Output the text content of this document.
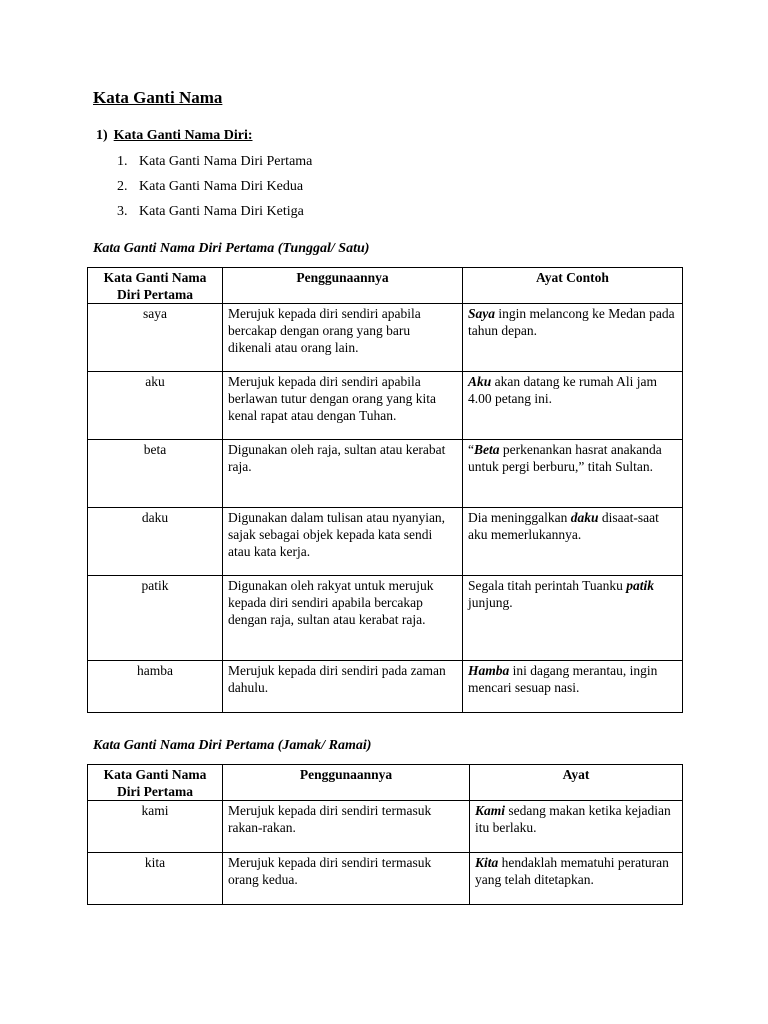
Kata Ganti Nama
1) Kata Ganti Nama Diri:
1. Kata Ganti Nama Diri Pertama
2. Kata Ganti Nama Diri Kedua
3. Kata Ganti Nama Diri Ketiga
Kata Ganti Nama Diri Pertama (Tunggal/ Satu)
Kata Ganti Nama Diri Pertama	Penggunaannya	Ayat Contoh
saya	Merujuk kepada diri sendiri apabila bercakap dengan orang yang baru dikenali atau orang lain.	Saya ingin melancong ke Medan pada tahun depan.
aku	Merujuk kepada diri sendiri apabila berlawan tutur dengan orang yang kita kenal rapat atau dengan Tuhan.	Aku akan datang ke rumah Ali jam 4.00 petang ini.
beta	Digunakan oleh raja, sultan atau kerabat raja.	“Beta perkenankan hasrat anakanda untuk pergi berburu,” titah Sultan.
daku	Digunakan dalam tulisan atau nyanyian, sajak sebagai objek kepada kata sendi atau kata kerja.	Dia meninggalkan daku disaat-saat aku memerlukannya.
patik	Digunakan oleh rakyat untuk merujuk kepada diri sendiri apabila bercakap dengan raja, sultan atau kerabat raja.	Segala titah perintah Tuanku patik junjung.
hamba	Merujuk kepada diri sendiri pada zaman dahulu.	Hamba ini dagang merantau, ingin mencari sesuap nasi.
Kata Ganti Nama Diri Pertama (Jamak/ Ramai)
Kata Ganti Nama Diri Pertama	Penggunaannya	Ayat
kami	Merujuk kepada diri sendiri termasuk rakan-rakan.	Kami sedang makan ketika kejadian itu berlaku.
kita	Merujuk kepada diri sendiri termasuk orang kedua.	Kita hendaklah mematuhi peraturan yang telah ditetapkan.
